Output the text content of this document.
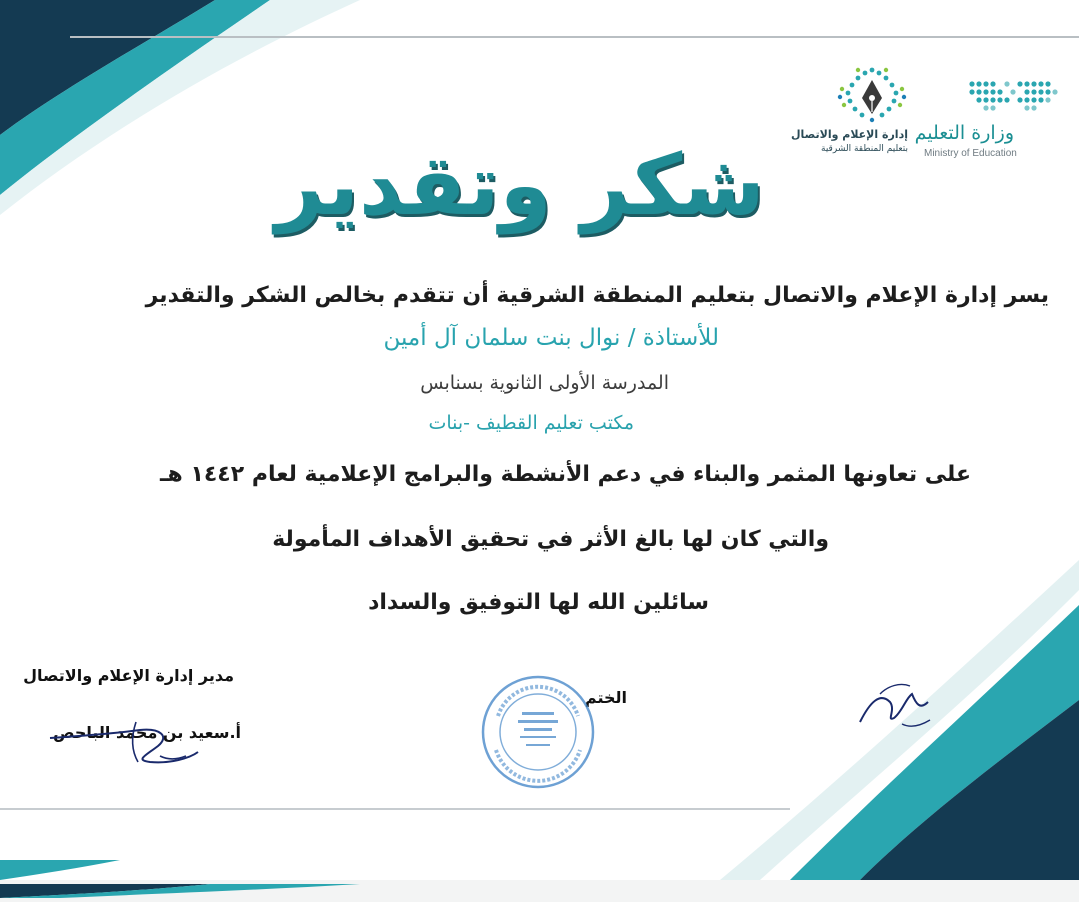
وزارة التعليم
Ministry of Education
إدارة الإعلام والاتصال
بتعليم المنطقة الشرقية
شكر وتقدير
يسر إدارة الإعلام والاتصال بتعليم المنطقة الشرقية أن تتقدم بخالص الشكر والتقدير
للأستاذة / نوال بنت سلمان آل أمين
المدرسة الأولى الثانوية بسنابس
مكتب تعليم القطيف -بنات
على تعاونها المثمر والبناء في دعم الأنشطة والبرامج الإعلامية لعام ١٤٤٢ هـ
والتي كان لها بالغ الأثر في تحقيق الأهداف المأمولة
سائلين الله لها التوفيق والسداد
مدير إدارة الإعلام والاتصال
أ.سعيد بن محمد الباحص
الختم
